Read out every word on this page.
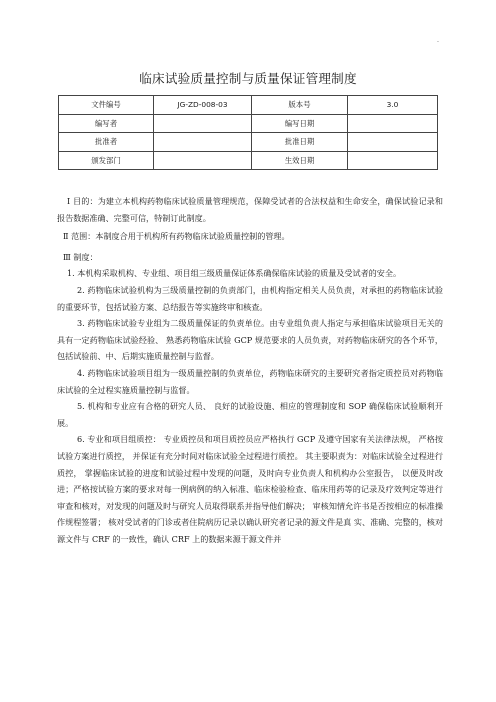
-
临床试验质量控制与质量保证管理制度
文件编号	JG-ZD-008-03	版本号	3.0
编写者		编写日期	
批准者		批准日期	
颁发部门		生效日期	

Ⅰ 目的：为建立本机构药物临床试验质量管理规范，保障受试者的合法权益和生命安全，确保试验记录和报告数据准确、完整可信，特制订此制度。

Ⅱ 范围：本制度合用于机构所有药物临床试验质量控制的管理。

Ⅲ 制度：

1. 本机构采取机构、专业组、项目组三级质量保证体系确保临床试验的质量及受试者的安全。

2. 药物临床试验机构为三级质量控制的负责部门，由机构指定相关人员负责，对承担的药物临床试验的重要环节，包括试验方案、总结报告等实施终审和核查。

3. 药物临床试验专业组为二级质量保证的负责单位。由专业组负责人指定与承担临床试验项目无关的具有一定药物临床试验经验、 熟悉药物临床试验 GCP 规范要求的人员负责，对药物临床研究的各个环节，包括试验前、中、后期实施质量控制与监督。

4. 药物临床试验项目组为一级质量控制的负责单位，药物临床研究的主要研究者指定质控员对药物临床试验的全过程实施质量控制与监督。

5. 机构和专业应有合格的研究人员、 良好的试验设施、相应的管理制度和 SOP 确保临床试验顺利开展。

6. 专业和项目组质控： 专业质控员和项目质控员应严格执行 GCP 及遵守国家有关法律法规， 严格按试验方案进行质控， 并保证有充分时间对临床试验全过程进行质控。 其主要职责为：对临床试验全过程进行质控， 掌握临床试验的进度和试验过程中发现的问题，及时向专业负责人和机构办公室报告， 以便及时改进；严格按试验方案的要求对每一例病例的纳入标准、临床检验检查、临床用药等的记录及疗效判定等进行审查和核对，对发现的问题及时与研究人员取得联系并指导他们解决； 审核知情允许书是否按相应的标准操作规程签署； 核对受试者的门诊或者住院病历记录以确认研究者记录的源文件是真 实、准确、完整的，核对源文件与 CRF 的一致性，确认 CRF 上的数据来源于源文件并
